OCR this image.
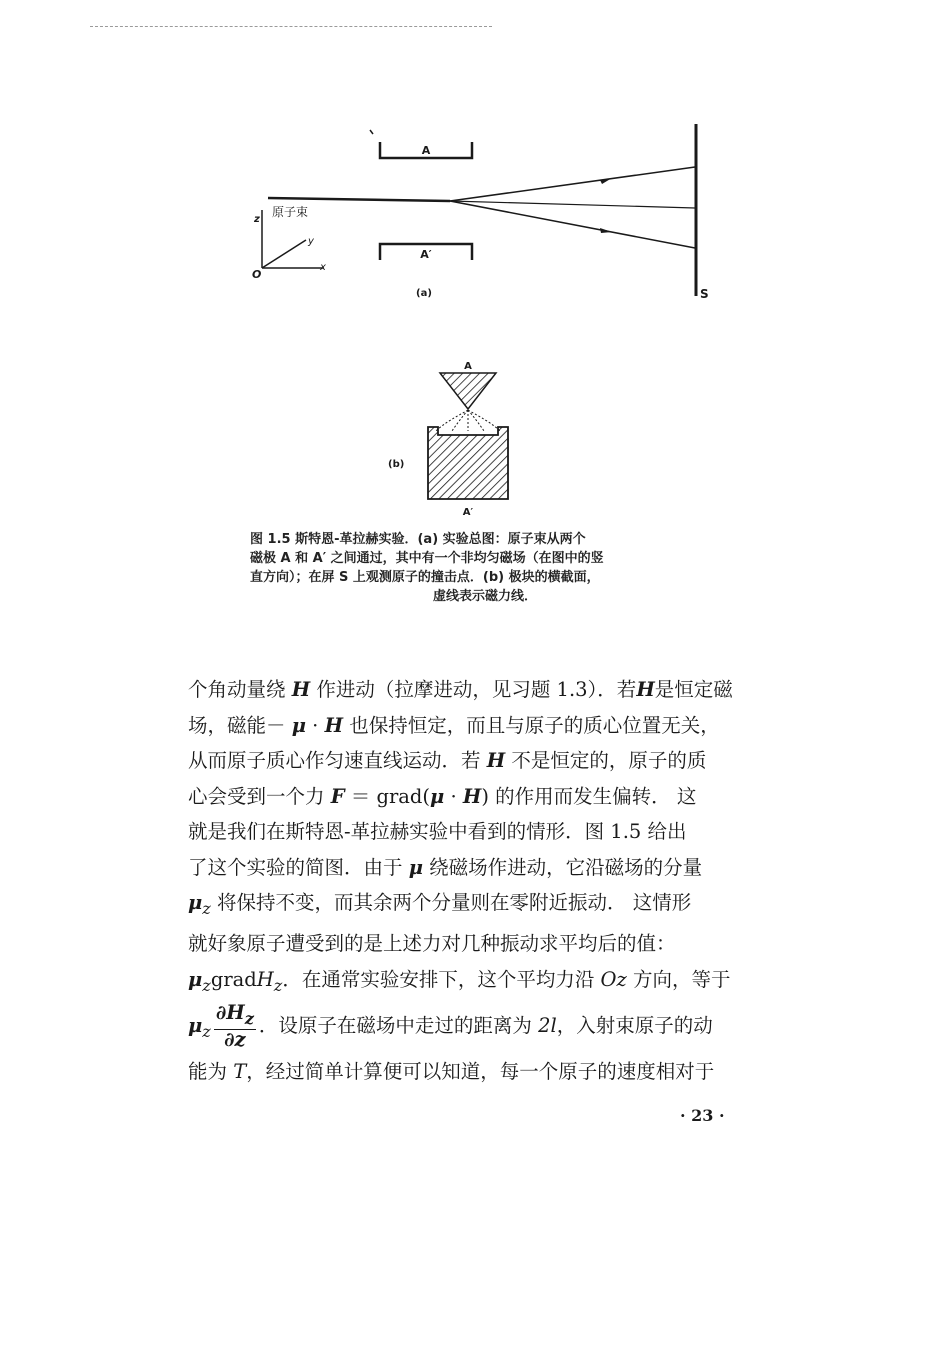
A
A′
S
原子束
z
y
x
O
(a)
A
(b)
A′

图 1.5 斯特恩-革拉赫实验．(a) 实验总图：原子束从两个

磁极 A 和 A′ 之间通过，其中有一个非均匀磁场（在图中的竖

直方向）；在屏 S 上观测原子的撞击点．(b) 极块的横截面，

虚线表示磁力线．

个角动量绕 H 作进动（拉摩进动，见习题 1.3）．若H是恒定磁

场，磁能－ μ · H 也保持恒定，而且与原子的质心位置无关，

从而原子质心作匀速直线运动．若 H 不是恒定的，原子的质

心会受到一个力 F ＝ grad(μ · H) 的作用而发生偏转． 这

就是我们在斯特恩-革拉赫实验中看到的情形．图 1.5 给出

了这个实验的简图．由于 μ 绕磁场作进动，它沿磁场的分量

$\mu_z$ 将保持不变，而其余两个分量则在零附近振动． 这情形

就好象原子遭受到的是上述力对几种振动求平均后的值：

$\mu_zgradH_z$．在通常实验安排下，这个平均力沿 Oz 方向，等于

$\mu_z \frac{\partial H_z}{\partial z}$ ．设原子在磁场中走过的距离为 2l，入射束原子的动

能为 T，经过简单计算便可以知道，每一个原子的速度相对于

· 23 ·
